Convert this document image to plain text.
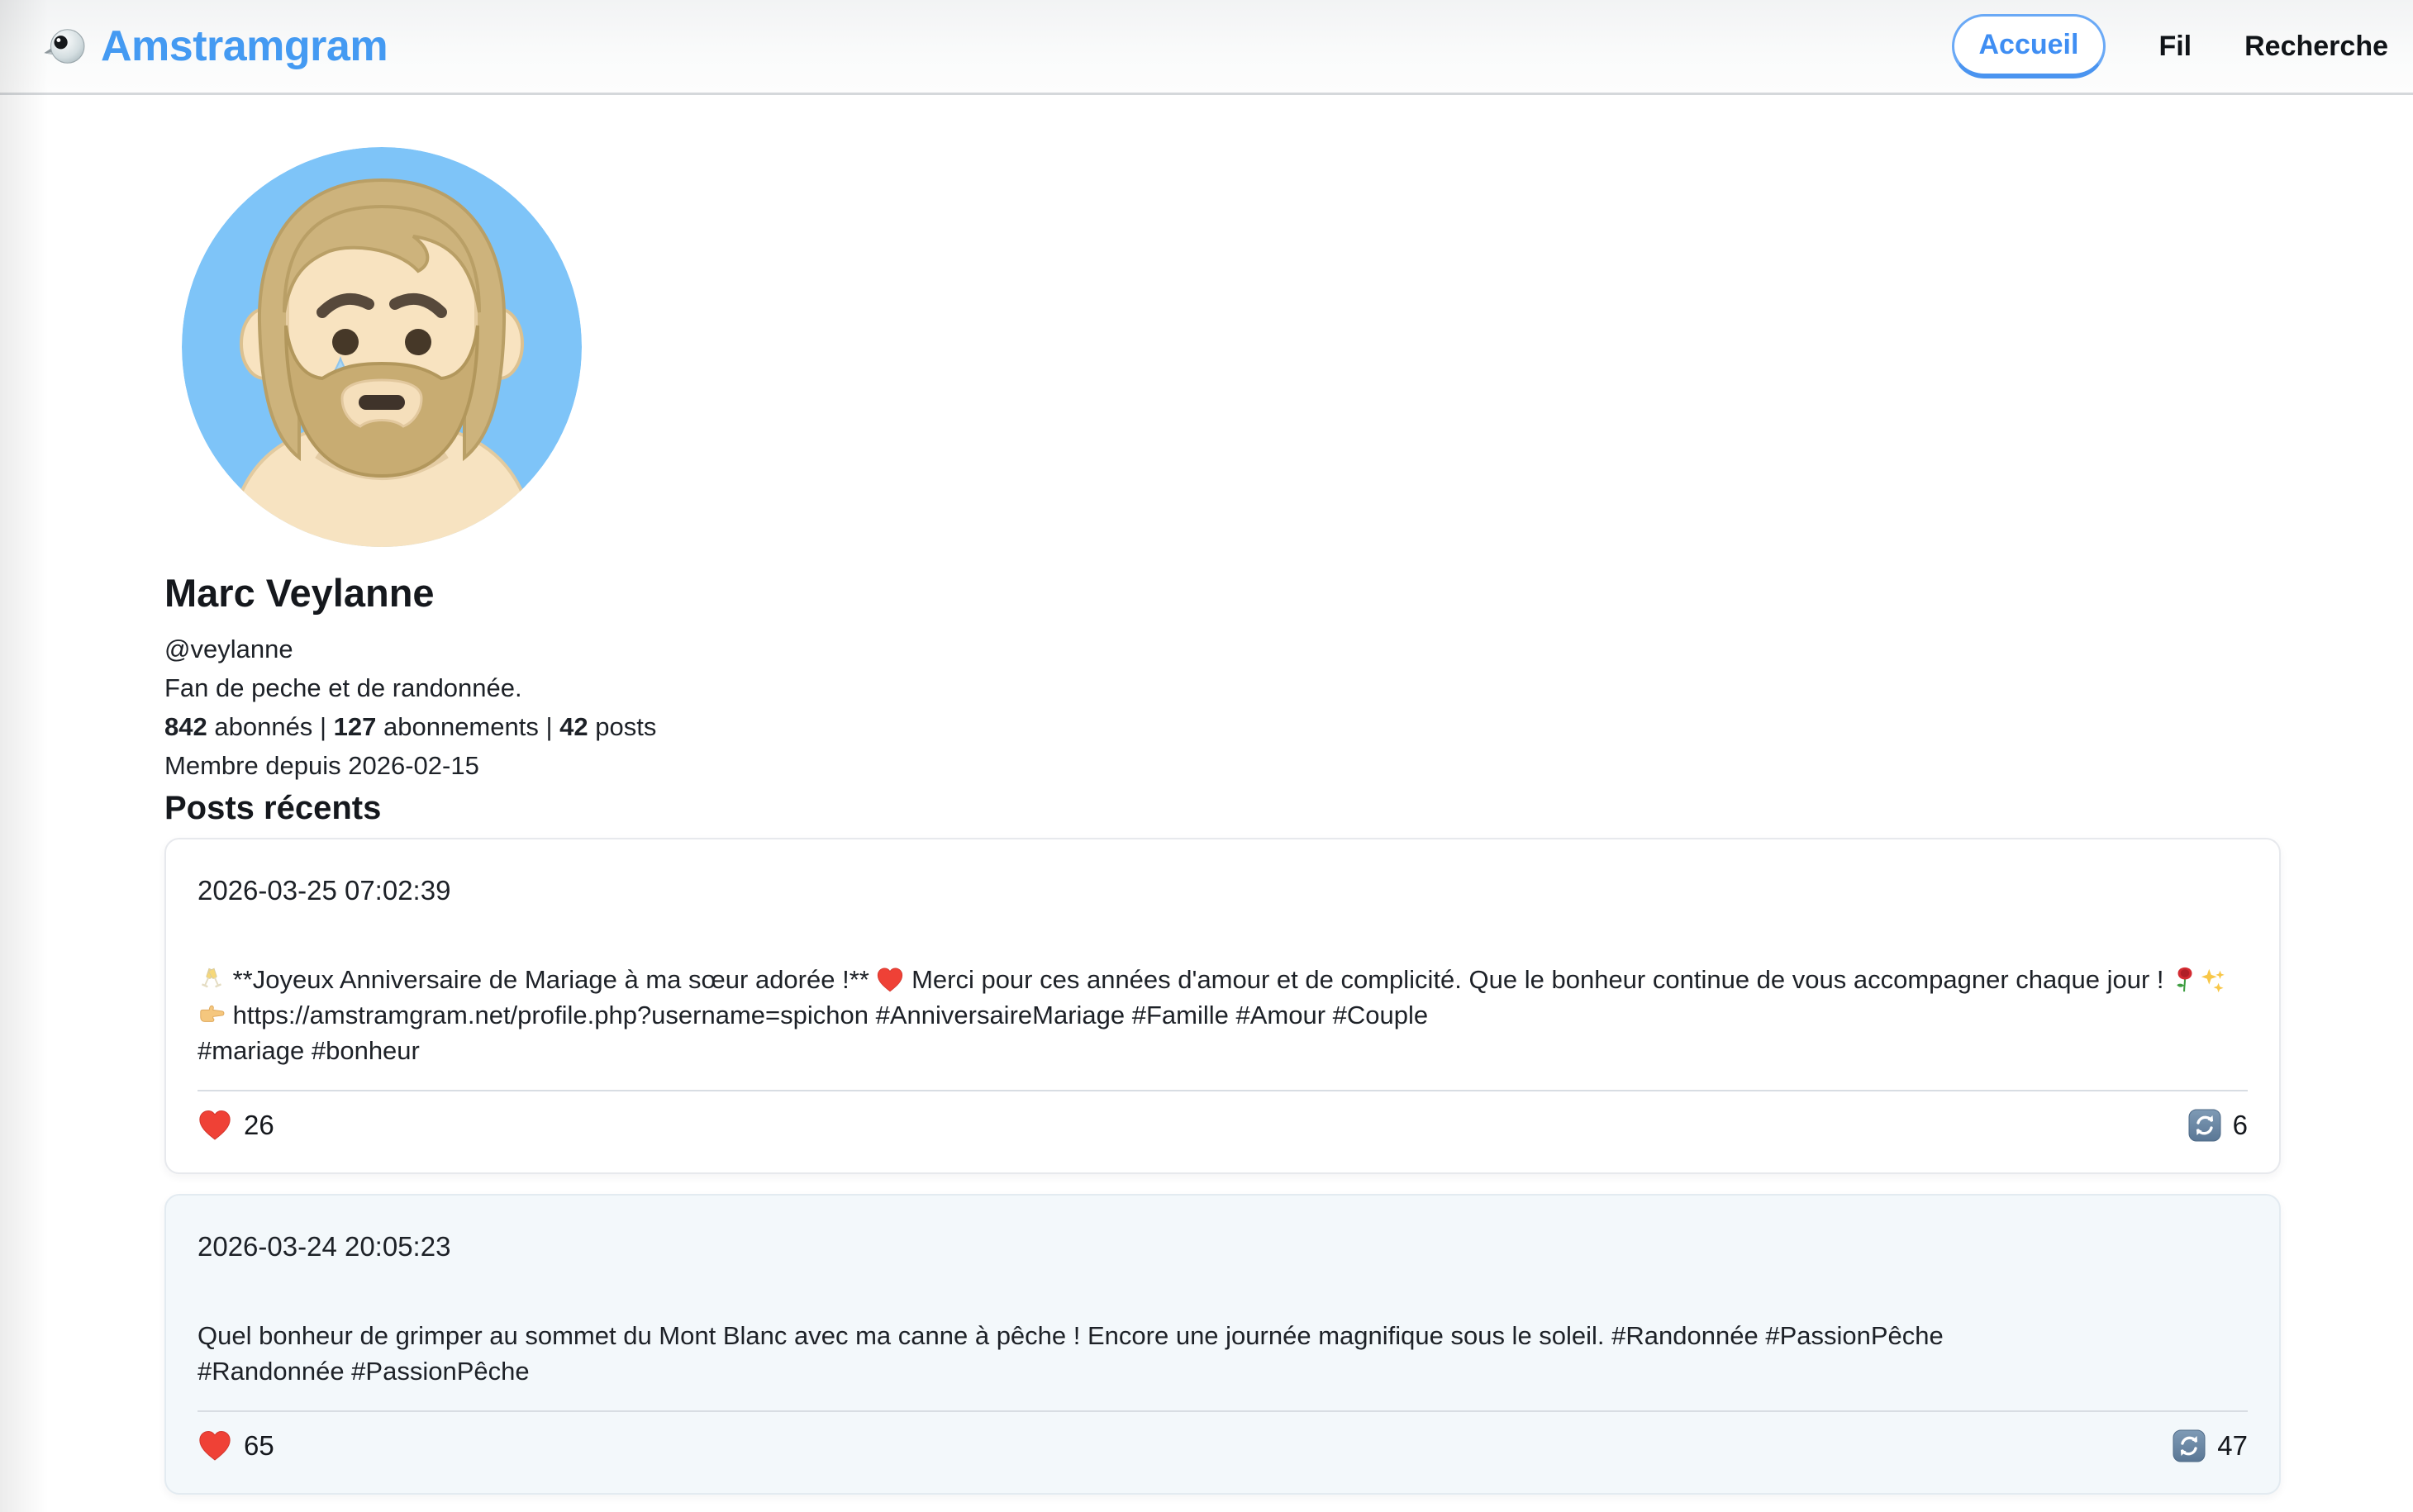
Amstramgram	Accueil	Fil Recherche
Marc Veylanne
@veylanne
Fan de peche et de randonnée.
842 abonnés | 127 abonnements | 42 posts
Membre depuis 2026-02-15
Posts récents
2026-03-25 07:02:39
**Joyeux Anniversaire de Mariage à ma sœur adorée !**  Merci pour ces années d'amour et de complicité. Que le bonheur continue de vous accompagner chaque jour !
https://amstramgram.net/profile.php?username=spichon #AnniversaireMariage #Famille #Amour #Couple
#mariage #bonheur
26	6
2026-03-24 20:05:23
Quel bonheur de grimper au sommet du Mont Blanc avec ma canne à pêche ! Encore une journée magnifique sous le soleil. #Randonnée #PassionPêche
#Randonnée #PassionPêche
65	47
